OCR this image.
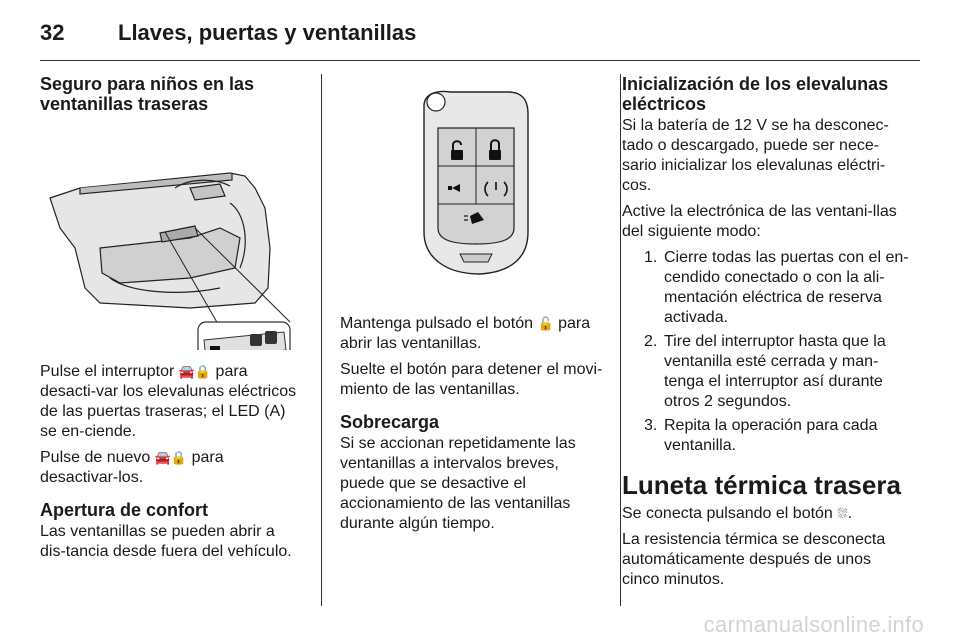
32 Llaves, puertas y ventanillas
Seguro para niños en las
ventanillas traseras

Pulse el interruptor 🚘🔒 para desacti-var los elevalunas eléctricos de las puertas traseras; el LED (A) se en-ciende.

Pulse de nuevo 🚘🔒 para desactivar-los.

Apertura de confort

Las ventanillas se pueden abrir a dis-tancia desde fuera del vehículo.

Mantenga pulsado el botón 🔓 para abrir las ventanillas.

Suelte el botón para detener el movi-miento de las ventanillas.

Sobrecarga

Si se accionan repetidamente las ventanillas a intervalos breves, puede que se desactive el accionamiento de las ventanillas durante algún tiempo.

Inicialización de los elevalunas
eléctricos

Si la batería de 12 V se ha desconec-tado o descargado, puede ser nece-sario inicializar los elevalunas eléctri-cos.

Active la electrónica de las ventani-llas del siguiente modo:

1. Cierre todas las puertas con el en-cendido conectado o con la ali-mentación eléctrica de reserva activada.
2. Tire del interruptor hasta que la ventanilla esté cerrada y man-tenga el interruptor así durante otros 2 segundos.
3. Repita la operación para cada ventanilla.
Luneta térmica trasera

Se conecta pulsando el botón ⛆.

La resistencia térmica se desconecta automáticamente después de unos cinco minutos.

carmanualsonline.info
